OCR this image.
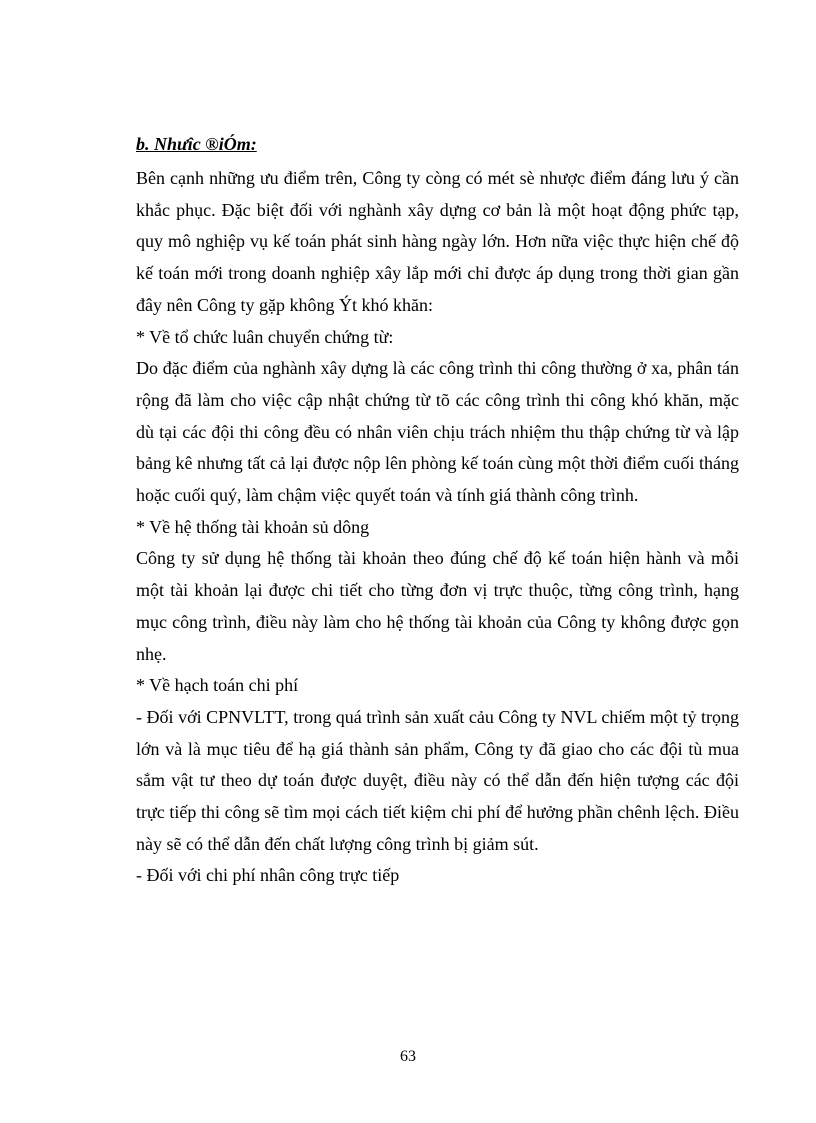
b. Nhưîc ®iÓm:

Bên cạnh những ưu điểm trên, Công ty còng có mét sè nhược điểm đáng lưu ý cần khắc phục. Đặc biệt đối với nghành xây dựng cơ bản là một hoạt động phức tạp, quy mô nghiệp vụ kế toán phát sinh hàng ngày lớn. Hơn nữa việc thực hiện chế độ kế toán mới trong doanh nghiệp xây lắp mới chỉ được áp dụng trong thời gian gần đây nên Công ty gặp không Ýt khó khăn:

* Về tổ chức luân chuyển chứng từ:

Do đặc điểm của nghành xây dựng là các công trình thi công thường ở xa, phân tán rộng đã làm cho việc cập nhật chứng từ tõ các công trình thi công khó khăn, mặc dù tại các đội thi công đều có nhân viên chịu trách nhiệm thu thập chứng từ và lập bảng kê nhưng tất cả lại được nộp lên phòng kế toán cùng một thời điểm cuối tháng hoặc cuối quý, làm chậm việc quyết toán và tính giá thành công trình.

* Về hệ thống tài khoản sủ dông

Công ty sử dụng hệ thống tài khoản theo đúng chế độ kế toán hiện hành và mỗi một tài khoản lại được chi tiết cho từng đơn vị trực thuộc, từng công trình, hạng mục công trình, điều này làm cho hệ thống tài khoản của Công ty không được gọn nhẹ.

* Về hạch toán chi phí

- Đối với CPNVLTT, trong quá trình sản xuất cảu Công ty NVL chiếm một tỷ trọng lớn và là mục tiêu để hạ giá thành sản phẩm, Công ty đã giao cho các đội tù mua sắm vật tư theo dự toán được duyệt, điều này có thể dẫn đến hiện tượng các đội trực tiếp thi công sẽ tìm mọi cách tiết kiệm chi phí để hưởng phần chênh lệch. Điều này sẽ có thể dẫn đến chất lượng công trình bị giảm sút.

- Đối với chi phí nhân công trực tiếp

63
